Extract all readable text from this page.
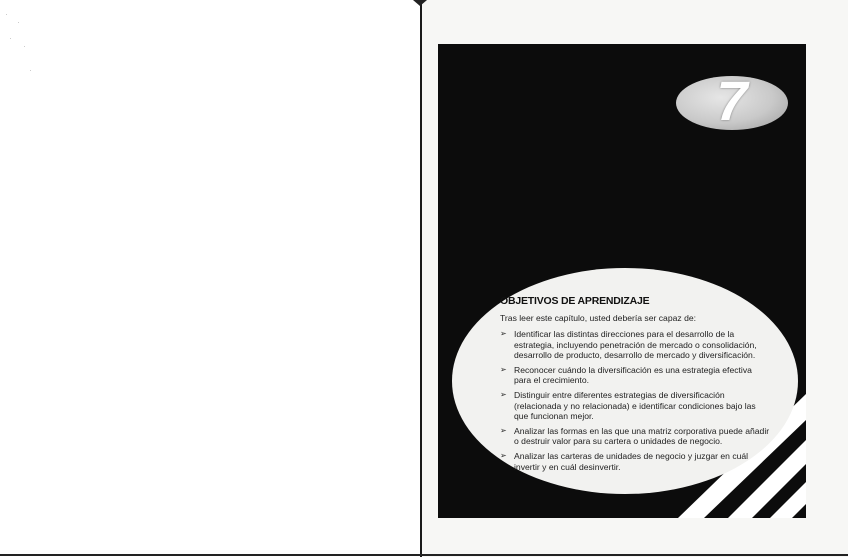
7
OBJETIVOS DE APRENDIZAJE
Tras leer este capítulo, usted debería ser capaz de:
➢ Identificar las distintas direcciones para el desarrollo de la estrategia, incluyendo penetración de mercado o consolidación, desarrollo de producto, desarrollo de mercado y diversificación.
➢ Reconocer cuándo la diversificación es una estrategia efectiva para el crecimiento.
➢ Distinguir entre diferentes estrategias de diversificación (relacionada y no relacionada) e identificar condiciones bajo las que funcionan mejor.
➢ Analizar las formas en las que una matriz corporativa puede añadir o destruir valor para su cartera o unidades de negocio.
➢ Analizar las carteras de unidades de negocio y juzgar en cuál invertir y en cuál desinvertir.
